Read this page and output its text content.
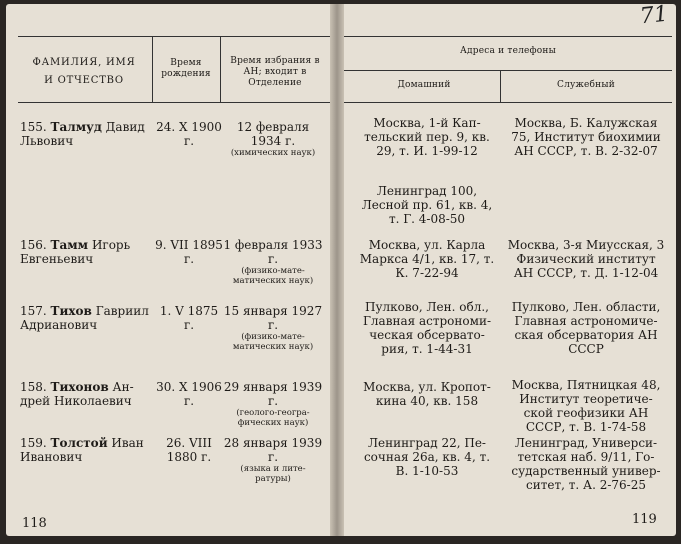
71
ФАМИЛИЯ, ИМЯ И ОТЧЕСТВО
Время рождения
Время избрания в АН; входит в Отделение
Адреса и телефоны
Домашний	Служебный
155. Талмуд Давид Львович
24. X 1900 г.
12 февраля 1934 г.
(химических наук)
Москва, 1-й Кап- тельский пер. 9, кв. 29, т. И. 1-99-12
Ленинград 100, Лесной пр. 61, кв. 4, т. Г. 4-08-50
Москва, Б. Калужская 75, Институт биохимии АН СССР, т. В. 2-32-07
156. Тамм Игорь Евгеньевич
9. VII 1895 г.
1 февраля 1933 г.
(физико-мате- матических наук)
Москва, ул. Карла Маркса 4/1, кв. 17, т. К. 7-22-94
Москва, 3-я Миусская, 3 Физический институт АН СССР, т. Д. 1-12-04
157. Тихов Гавриил Адрианович
1. V 1875 г.
15 января 1927 г.
(физико-мате- матических наук)
Пулково, Лен. обл., Главная астрономи- ческая обсервато- рия, т. 1-44-31
Пулково, Лен. области, Главная астрономиче- ская обсерватория АН СССР
158. Тихонов Ан- дрей Николаевич
30. X 1906 г.
29 января 1939 г.
(геолого-геогра- фических наук)
Москва, ул. Кропот- кина 40, кв. 158
Москва, Пятницкая 48, Институт теоретиче- ской геофизики АН СССР, т. В. 1-74-58
159. Толстой Иван Иванович
26. VIII 1880 г.
28 января 1939 г.
(языка и лите- ратуры)
Ленинград 22, Пе- сочная 26а, кв. 4, т. В. 1-10-53
Ленинград, Универси- тетская наб. 9/11, Го- сударственный универ- ситет, т. А. 2-76-25
118	119
